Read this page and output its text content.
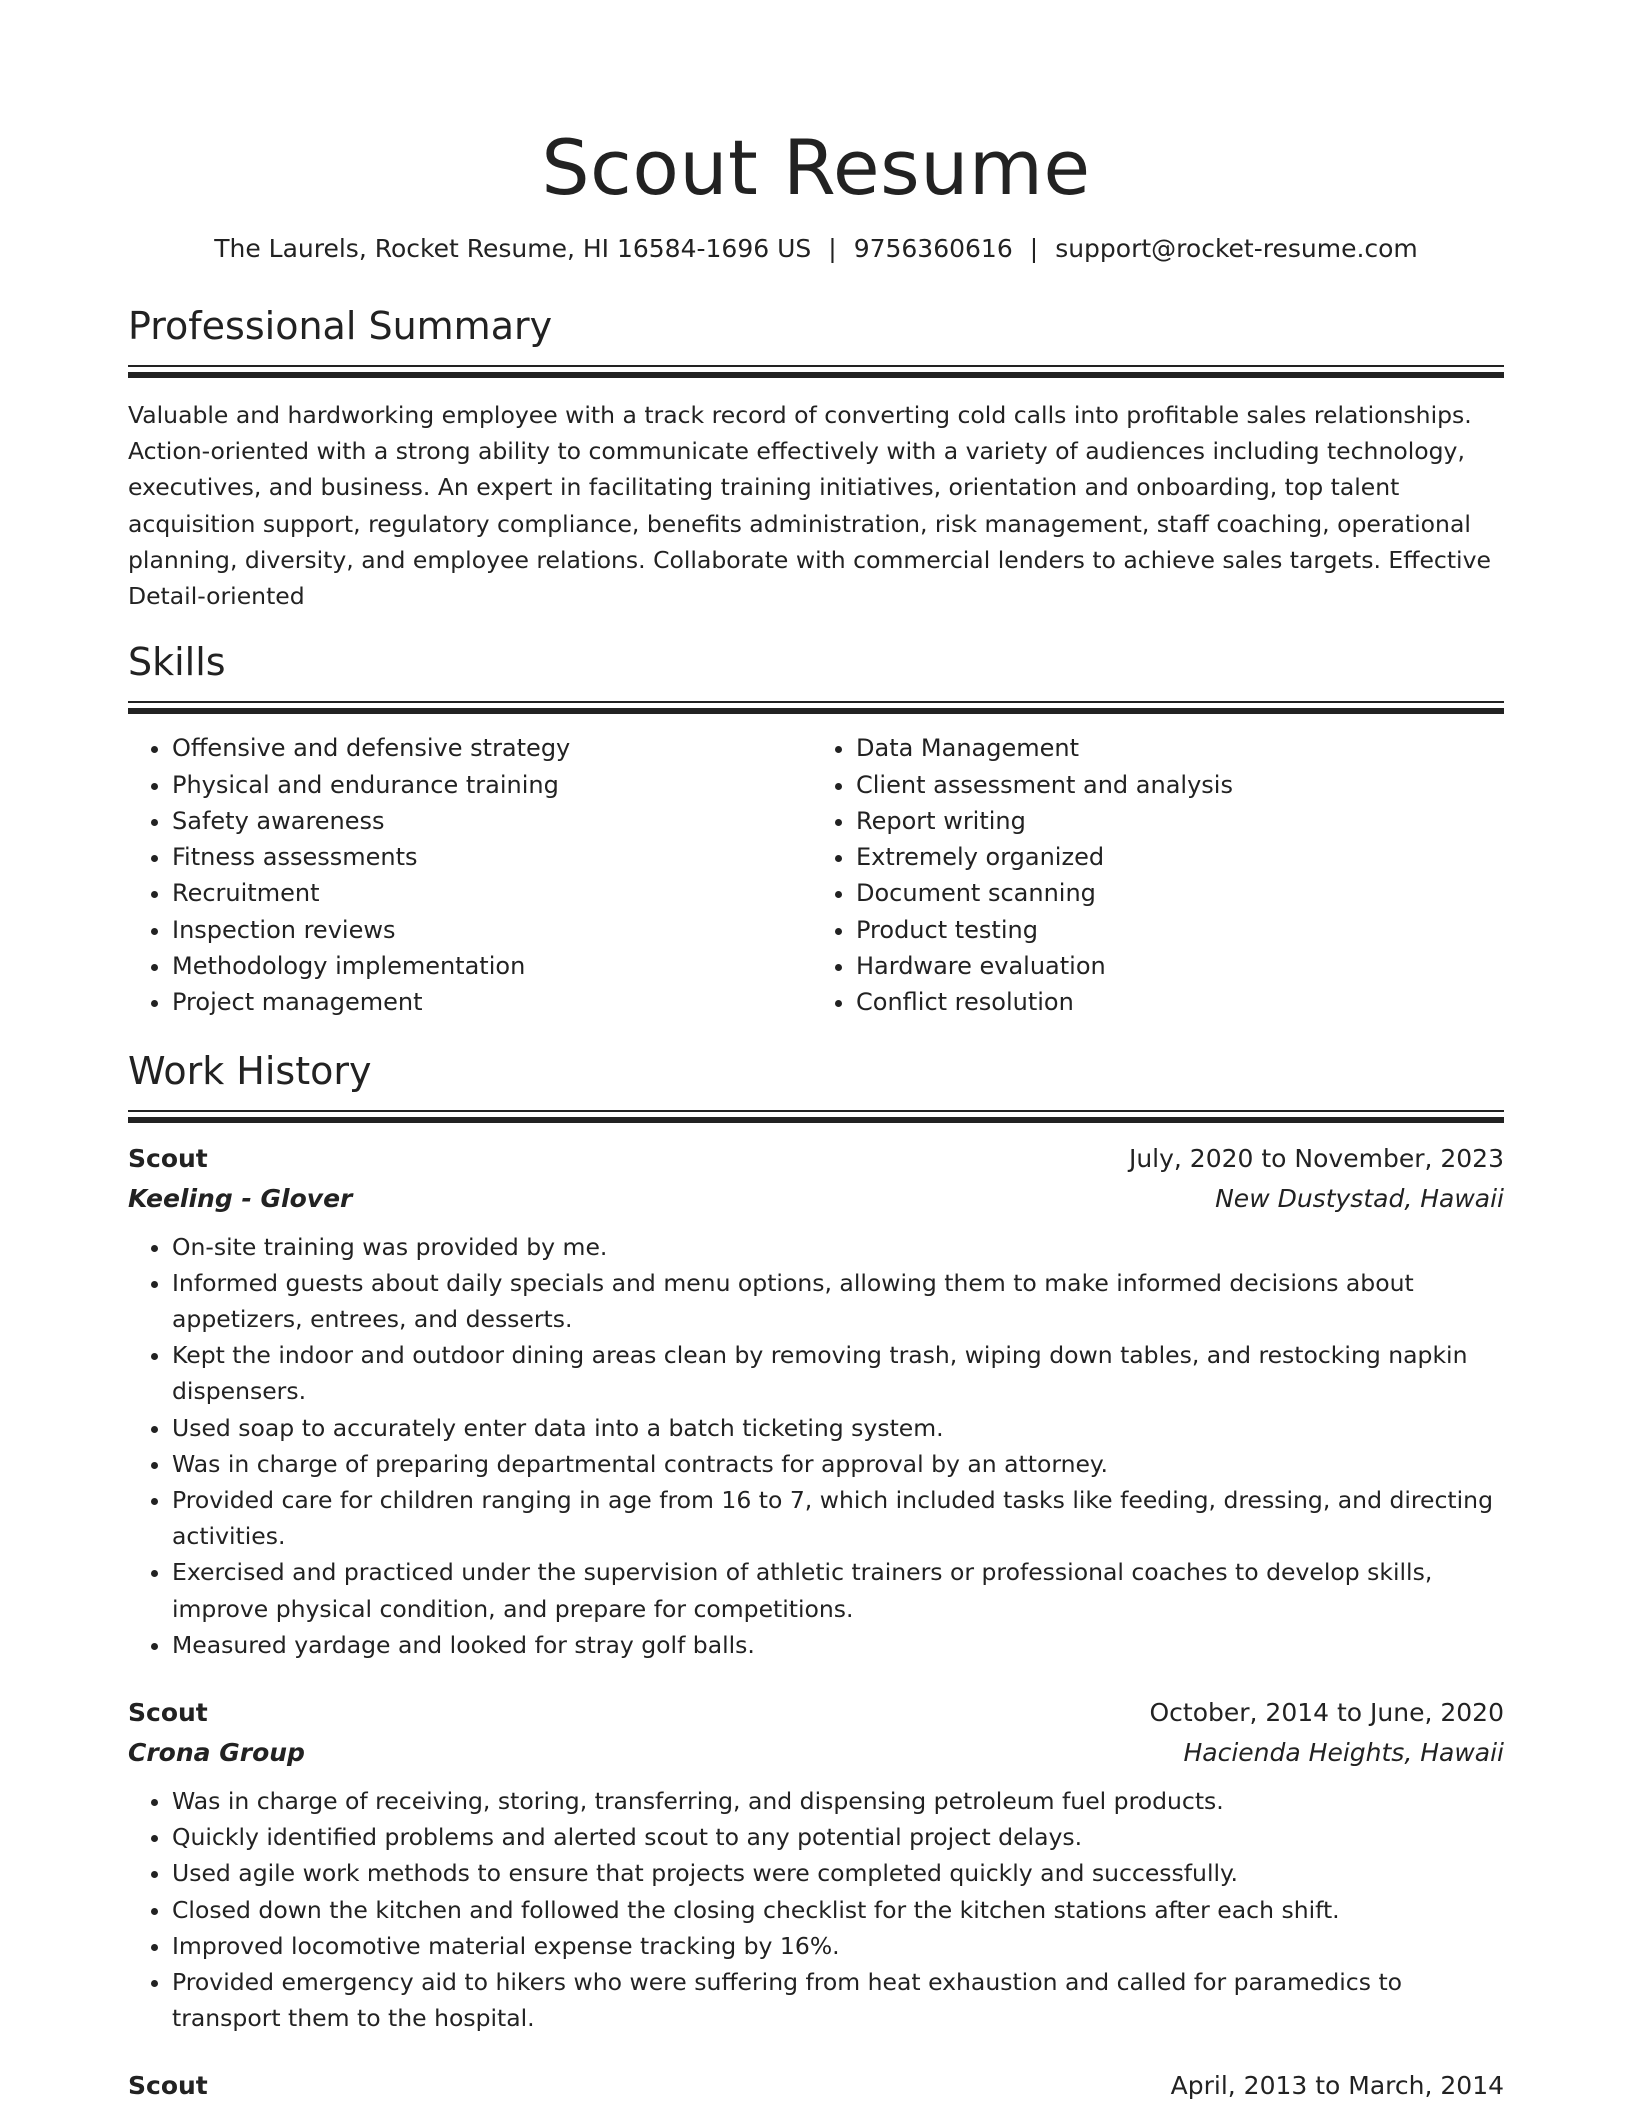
Scout Resume
The Laurels, Rocket Resume, HI 16584-1696 US | 9756360616 | support@rocket-resume.com
Professional Summary
Valuable and hardworking employee with a track record of converting cold calls into profitable sales relationships. Action-oriented with a strong ability to communicate effectively with a variety of audiences including technology, executives, and business. An expert in facilitating training initiatives, orientation and onboarding, top talent acquisition support, regulatory compliance, benefits administration, risk management, staff coaching, operational planning, diversity, and employee relations. Collaborate with commercial lenders to achieve sales targets. Effective Detail-oriented
Skills
• Offensive and defensive strategy
• Physical and endurance training
• Safety awareness
• Fitness assessments
• Recruitment
• Inspection reviews
• Methodology implementation
• Project management
• Data Management
• Client assessment and analysis
• Report writing
• Extremely organized
• Document scanning
• Product testing
• Hardware evaluation
• Conflict resolution
Work History
Scout	July, 2020 to November, 2023
Keeling - Glover	New Dustystad, Hawaii
• On-site training was provided by me.
• Informed guests about daily specials and menu options, allowing them to make informed decisions about appetizers, entrees, and desserts.
• Kept the indoor and outdoor dining areas clean by removing trash, wiping down tables, and restocking napkin dispensers.
• Used soap to accurately enter data into a batch ticketing system.
• Was in charge of preparing departmental contracts for approval by an attorney.
• Provided care for children ranging in age from 16 to 7, which included tasks like feeding, dressing, and directing activities.
• Exercised and practiced under the supervision of athletic trainers or professional coaches to develop skills, improve physical condition, and prepare for competitions.
• Measured yardage and looked for stray golf balls.
Scout	October, 2014 to June, 2020
Crona Group	Hacienda Heights, Hawaii
• Was in charge of receiving, storing, transferring, and dispensing petroleum fuel products.
• Quickly identified problems and alerted scout to any potential project delays.
• Used agile work methods to ensure that projects were completed quickly and successfully.
• Closed down the kitchen and followed the closing checklist for the kitchen stations after each shift.
• Improved locomotive material expense tracking by 16%.
• Provided emergency aid to hikers who were suffering from heat exhaustion and called for paramedics to transport them to the hospital.
Scout	April, 2013 to March, 2014
